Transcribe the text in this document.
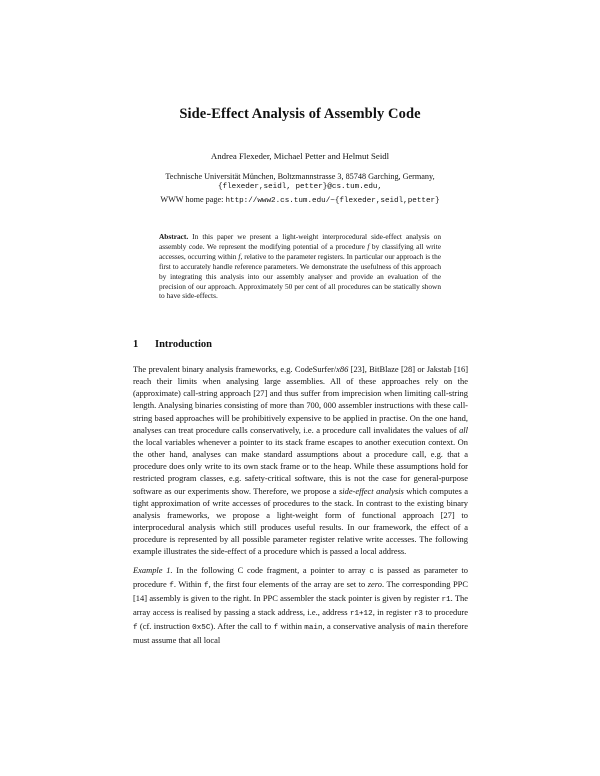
Side-Effect Analysis of Assembly Code
Andrea Flexeder, Michael Petter and Helmut Seidl
Technische Universität München, Boltzmannstrasse 3, 85748 Garching, Germany,
{flexeder,seidl, petter}@cs.tum.edu,
WWW home page: http://www2.cs.tum.edu/~{flexeder,seidl,petter}
Abstract. In this paper we present a light-weight interprocedural side-effect analysis on assembly code. We represent the modifying potential of a procedure f by classifying all write accesses, occurring within f, relative to the parameter registers. In particular our approach is the first to accurately handle reference parameters. We demonstrate the usefulness of this approach by integrating this analysis into our assembly analyser and provide an evaluation of the precision of our approach. Approximately 50 per cent of all procedures can be statically shown to have side-effects.
1 Introduction

The prevalent binary analysis frameworks, e.g. CodeSurfer/x86 [23], BitBlaze [28] or Jakstab [16] reach their limits when analysing large assemblies. All of these approaches rely on the (approximate) call-string approach [27] and thus suffer from imprecision when limiting call-string length. Analysing binaries consisting of more than 700, 000 assembler instructions with these call-string based approaches will be prohibitively expensive to be applied in practise. On the one hand, analyses can treat procedure calls conservatively, i.e. a procedure call invalidates the values of all the local variables whenever a pointer to its stack frame escapes to another execution context. On the other hand, analyses can make standard assumptions about a procedure call, e.g. that a procedure does only write to its own stack frame or to the heap. While these assumptions hold for restricted program classes, e.g. safety-critical software, this is not the case for general-purpose software as our experiments show. Therefore, we propose a side-effect analysis which computes a tight approximation of write accesses of procedures to the stack. In contrast to the existing binary analysis frameworks, we propose a light-weight form of functional approach [27] to interprocedural analysis which still produces useful results. In our framework, the effect of a procedure is represented by all possible parameter register relative write accesses. The following example illustrates the side-effect of a procedure which is passed a local address.

Example 1. In the following C code fragment, a pointer to array c is passed as parameter to procedure f. Within f, the first four elements of the array are set to zero. The corresponding PPC [14] assembly is given to the right. In PPC assembler the stack pointer is given by register r1. The array access is realised by passing a stack address, i.e., address r1+12, in register r3 to procedure f (cf. instruction 0x5C). After the call to f within main, a conservative analysis of main therefore must assume that all local
